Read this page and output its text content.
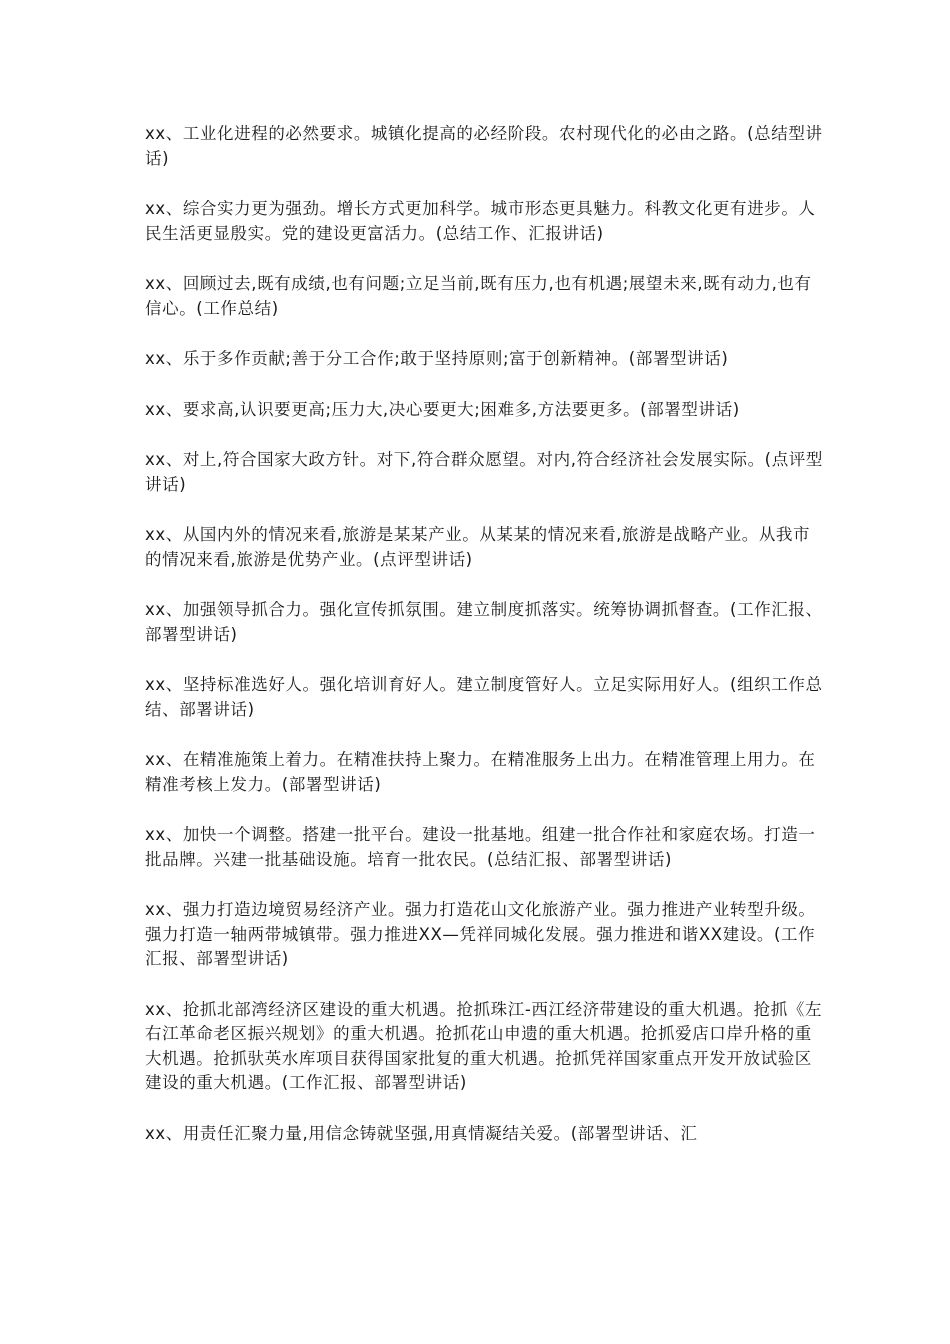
xx、工业化进程的必然要求。城镇化提高的必经阶段。农村现代化的必由之路。(总结型讲话)

xx、综合实力更为强劲。增长方式更加科学。城市形态更具魅力。科教文化更有进步。人民生活更显殷实。党的建设更富活力。(总结工作、汇报讲话)

xx、回顾过去,既有成绩,也有问题;立足当前,既有压力,也有机遇;展望未来,既有动力,也有信心。(工作总结)

xx、乐于多作贡献;善于分工合作;敢于坚持原则;富于创新精神。(部署型讲话)

xx、要求高,认识要更高;压力大,决心要更大;困难多,方法要更多。(部署型讲话)

xx、对上,符合国家大政方针。对下,符合群众愿望。对内,符合经济社会发展实际。(点评型讲话)

xx、从国内外的情况来看,旅游是某某产业。从某某的情况来看,旅游是战略产业。从我市的情况来看,旅游是优势产业。(点评型讲话)

xx、加强领导抓合力。强化宣传抓氛围。建立制度抓落实。统筹协调抓督查。(工作汇报、部署型讲话)

xx、坚持标准选好人。强化培训育好人。建立制度管好人。立足实际用好人。(组织工作总结、部署讲话)

xx、在精准施策上着力。在精准扶持上聚力。在精准服务上出力。在精准管理上用力。在精准考核上发力。(部署型讲话)

xx、加快一个调整。搭建一批平台。建设一批基地。组建一批合作社和家庭农场。打造一批品牌。兴建一批基础设施。培育一批农民。(总结汇报、部署型讲话)

xx、强力打造边境贸易经济产业。强力打造花山文化旅游产业。强力推进产业转型升级。强力打造一轴两带城镇带。强力推进XX—凭祥同城化发展。强力推进和谐XX建设。(工作汇报、部署型讲话)

xx、抢抓北部湾经济区建设的重大机遇。抢抓珠江-西江经济带建设的重大机遇。抢抓《左右江革命老区振兴规划》的重大机遇。抢抓花山申遗的重大机遇。抢抓爱店口岸升格的重大机遇。抢抓驮英水库项目获得国家批复的重大机遇。抢抓凭祥国家重点开发开放试验区建设的重大机遇。(工作汇报、部署型讲话)

xx、用责任汇聚力量,用信念铸就坚强,用真情凝结关爱。(部署型讲话、汇
